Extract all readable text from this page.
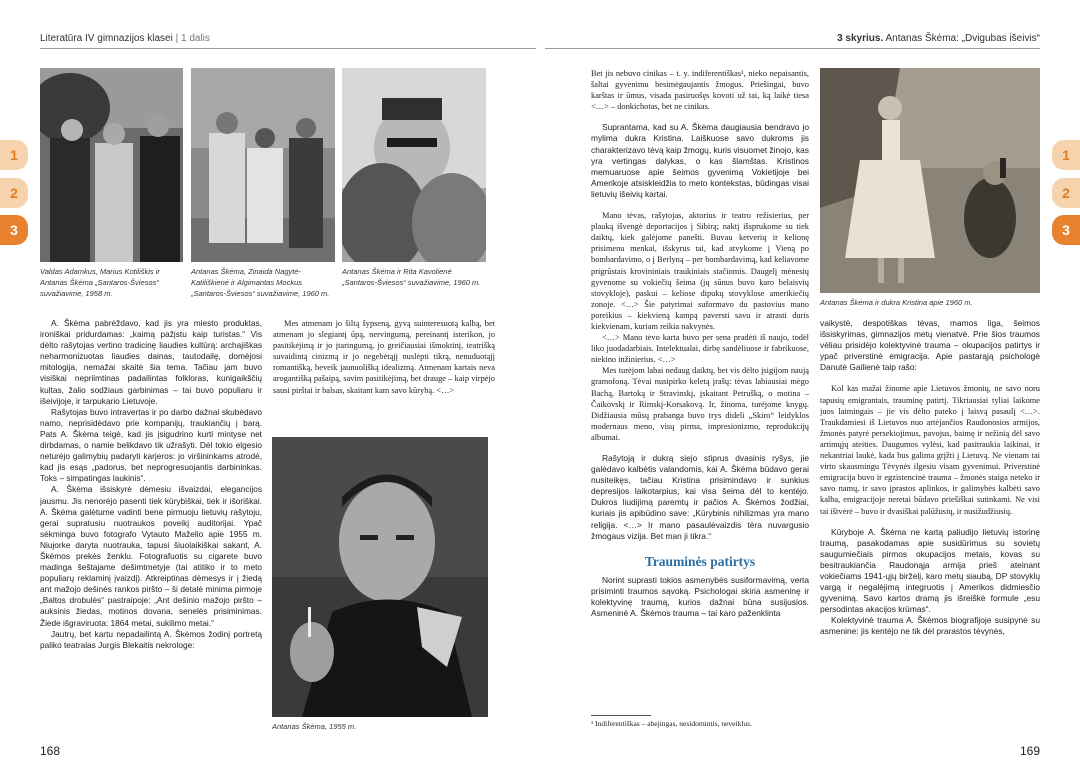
Literatūra IV gimnazijos klasei | 1 dalis	3 skyrius. Antanas Škėma: „Dvigubas išeivis“
1
2
3
1
2
3
Valdas Adamkus, Marius Kotiliškis ir Antanas Škėma „Santaros-Šviesos“ suvažiavime, 1958 m.
Antanas Škėma, Zinaida Nagytė-Katiliškienė ir Algimantas Mockus „Santaros-Šviesos“ suvažiavime, 1960 m.
Antanas Škėma ir Rita Kavolienė „Santaros-Šviesos“ suvažiavime, 1960 m.

A. Škėma pabrėždavo, kad jis yra miesto produktas, ironiškai pridurdamas: „kaimą pažįstu kaip turistas.“ Vis dėlto rašytojas vertino tradicinę liaudies kultūrą: archajiškas neharmonizuotas liaudies dainas, tautodailę, domėjosi mitologija, nemažai skaitė šia tema. Tačiau jam buvo visiškai nepriimtinas padailintas folkloras, kunigaikščių kultas, žalio sodžiaus garbinimas – tai buvo populiaru ir išeivijoje, ir tarpukario Lietuvoje.

Rašytojas buvo intravertas ir po darbo dažnai skubėdavo namo, neprisidėdavo prie kompanijų, traukiančių į barą. Pats A. Škėma teigė, kad jis įsigudrino kurti mintyse net dirbdamas, o namie belikdavo tik užrašyti. Dėl tokio elgesio neturėjo galimybių padaryti karjeros: jo viršininkams atrodė, kad jis esąs „padorus, bet neprogresuojantis darbininkas. Toks – simpatingas laukinis“.

A. Škėma išsiskyrė dėmesiu išvaizdai, elegancijos jausmu. Jis nenorėjo pasenti tiek kūrybiškai, tiek ir išoriškai. A. Škėma galėtume vadinti bene pirmuoju lietuvių rašytoju, gerai supratusiu nuotraukos poveikį auditorijai. Ypač sėkminga buvo fotografo Vytauto Maželio apie 1955 m. Niujorke daryta nuotrauka, tapusi šiuolaikiškai sakant, A. Škėmos prekės ženklu. Fotografuotis su cigarete buvo madinga šeštajame dešimtmetyje (tai atitiko ir to meto populiarų reklaminį įvaizdį). Atkreiptinas dėmesys ir į žiedą ant mažojo dešinės rankos piršto – ši detalė minima pirmoje „Baltos drobulės“ pastraipoje: „Ant dešinio mažojo piršto – auksinis žiedas, motinos dovana, senelės prisiminimas. Žiede išgraviruota: 1864 metai, sukilimo metai.“

Jautrų, bet kartu nepadailintą A. Škėmos žodinį portretą paliko teatralas Jurgis Blekaitis nekrologe:

Mes atmenam jo šiltą šypseną, gyvą suinteresuotą kalbą, bet atmenam jo slegiantį ūpą, nervingumą, pereinantį isterikon, jo pasitikėjimą ir jo įtaringumą, jo greičiausiai išmoktinį, teatrišką suvaidintą cinizmą ir jo negebėtąjį nuslėpti tikrą, nenuduotąjį romantišką, beveik jaunuolišką idealizmą. Atmenam kartais neva arogantišką pašaipą, savim pasitikėjimą, bet drauge – kaip virpėjo sausi pirštai ir balsas, skaitant kam savo kūrybą. <…>

Antanas Škėma, 1955 m.
168

Bet jis nebuvo cinikas – t. y. indiferentiškas¹, nieko nepaisantis, šaltai gyvenimu besimėgaujantis žmogus. Priešingai, buvo karštas ir ūmus, visada pasiruošęs kovoti už tai, ką laikė tiesa <…> – donkichotas, bet ne cinikas.

Suprantama, kad su A. Škėma daugiausia bendravo jo mylima dukra Kristina. Laiškuose savo dukroms jis charakterizavo tėvą kaip žmogų, kuris visuomet žinojo, kas yra vertingas dalykas, o kas šlamštas. Kristinos memuaruose apie šeimos gyvenimą Vokietijoje bei Amerikoje atsiskleidžia to meto kontekstas, būdingas visai lietuvių išeivių kartai.

Mano tėvas, rašytojas, aktorius ir teatro režisierius, per plauką išvengė deportacijos į Sibirą; naktį išsprukome su tiek daiktų, kiek galėjome panešti. Buvau ketverių ir kelionę prisimenu menkai, išskyrus tai, kad atvykome į Vieną po bombardavimo, o į Berlyną – per bombardavimą, kad keliavome prigrūstais krovininiais traukiniais stačiomis. Daugelį mėnesių gyvenome su vokiečių šeima (jų sūnus buvo karo belaisvių stovykloje), paskui – keliose dipukų stovyklose amerikiečių zonoje. <…> Šie patyrimai suformavo du pastovius mano poreikius – kiekvieną kampą paversti savu ir atrasti duris kiekvienam, kuriam reikia nakvynės.

<…> Mano tėvo karta buvo per sena pradėti iš naujo, todėl liko juodadarbiais. Intelektualai, dirbę sandėliuose ir fabrikuose, niekino inžinierius. <…>

Mes turėjom labai nedaug daiktų, bet vis dėlto įsigijom naują gramofoną. Tėvai nusipirko keletą įrašų: tėvas labiausiai mėgo Bachą, Bartoką ir Stravinskį, įskaitant Petrušką, o motina – Čaikovskį ir Rimskį-Korsakovą. Ir, žinoma, turėjome knygų. Didžiausia mūsų prabanga buvo trys dideli „Skiro“ leidyklos modernaus meno, visų pirma, impresionizmo, reprodukcijų albumai.

Rašytoją ir dukrą siejo stiprus dvasinis ryšys, jie galėdavo kalbėtis valandomis, kai A. Škėma būdavo gerai nusiteikęs, tačiau Kristina prisimindavo ir sunkius depresijos laikotarpius, kai visa šeima dėl to kentėjo. Dukros liudijimą paremtų ir pačios A. Škėmos žodžiai, kuriais jis apibūdino save: „Kūrybinis nihilizmas yra mano religija. <…> Ir mano pasaulėvaizdis tėra nuvargusio žmogaus vizija. Bet man ji tikra.“

Trauminės patirtys

Norint suprasti tokios asmenybės susiformavimą, verta prisiminti traumos sąvoką. Psichologai skiria asmeninę ir kolektyvinę traumą, kurios dažnai būna susijusios. Asmeninė A. Škėmos trauma – tai karo paženklinta

¹ Indiferentiškas – abejingas, nesidomintis, neveiklus.
Antanas Škėma ir dukra Kristina apie 1960 m.

vaikystė, despotiškas tėvas, mamos liga, šeimos išsiskyrimas, gimnazijos metų vienatvė. Prie šios traumos vėliau prisidėjo kolektyvinė trauma – okupacijos patirtys ir ypač priverstinė emigracija. Apie pastarąją psichologė Danutė Gailienė taip rašo:

Kol kas mažai žinome apie Lietuvos žmonių, ne savo noru tapusių emigrantais, trauminę patirtį. Tikriausiai tyliai laikome juos laimingais – jie vis dėlto pateko į laisvą pasaulį <…>. Traukdamiesi iš Lietuvos nuo artėjančios Raudonosios armijos, žmonės patyrė persekiojimus, pavojus, baimę ir nežinią dėl savo artimųjų ateities. Daugumos vylėsi, kad pasitraukia laikinai, ir nekantriai laukė, kada bus galima grįžti į Lietuvą. Ne vienam tai virto skausmingu Tėvynės ilgesiu visam gyvenimui. Priverstinė emigracija buvo ir egzistencinė trauma – žmonės staiga neteko ir savo namų, ir savo įprastos aplinkos, ir galimybės kalbėti savo kalba, emigracijoje neretai būdavo priešiškai sutinkami. Ne visi tai ištvėrė – buvo ir dvasiškai palūžusių, ir nusižudžiusių.

Kūryboje A. Škėma ne kartą paliudijo lietuvių istorinę traumą, pasakodamas apie susidūrimus su sovietų saugumiečiais pirmos okupacijos metais, kovas su besitraukiančia Raudonąja armija prieš ateinant vokiečiams 1941-ųjų birželį, karo metų siaubą, DP stovyklų vargą ir negalėjimą integruotis į Amerikos didmiesčio gyvenimą. Savo kartos dramą jis išreiškė formule „esu persodintas akacijos krūmas“.

Kolektyvinė trauma A. Škėmos biografijoje susipynė su asmenine: jis kentėjo ne tik dėl prarastos tėvynės,

169
